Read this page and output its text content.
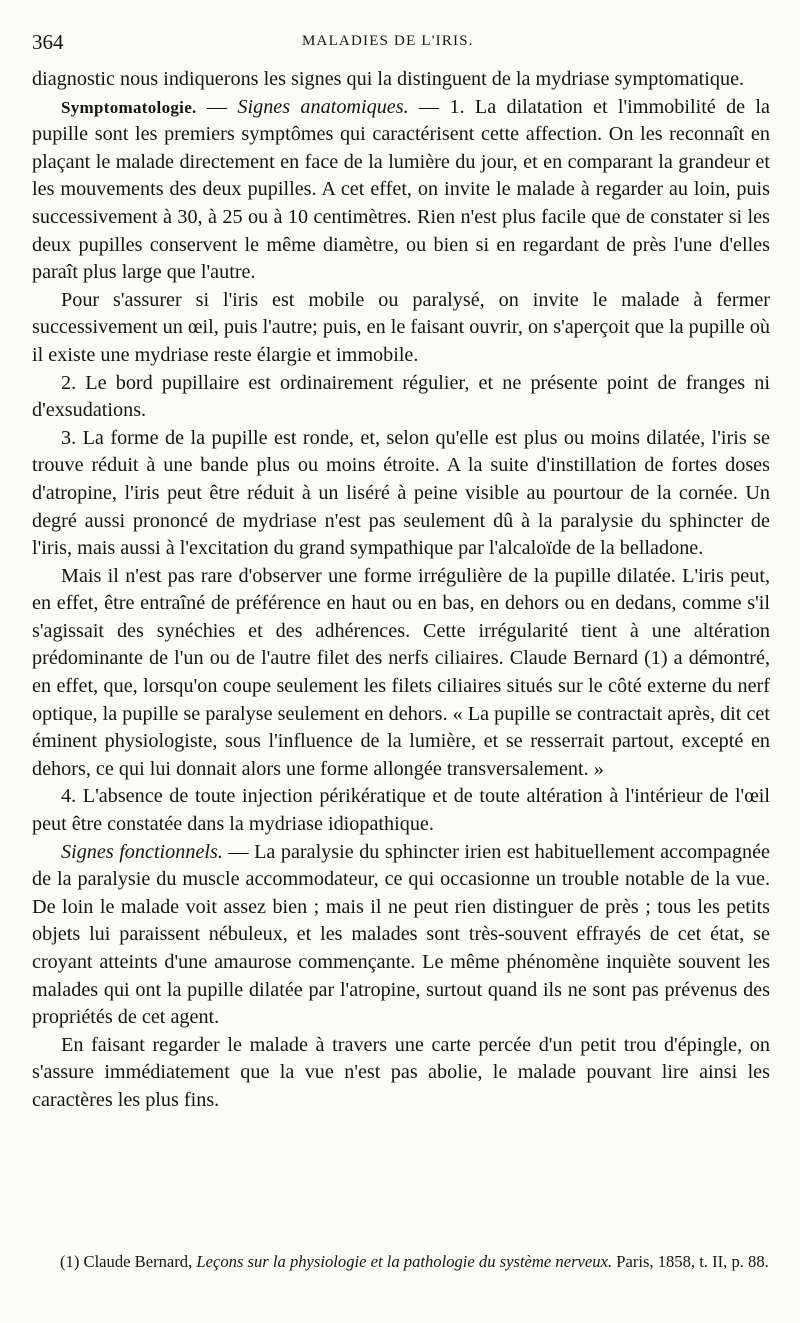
364	MALADIES DE L'IRIS.

diagnostic nous indiquerons les signes qui la distinguent de la mydriase symptomatique.

Symptomatologie. — Signes anatomiques. — 1. La dilatation et l'immobilité de la pupille sont les premiers symptômes qui caractérisent cette affection. On les reconnaît en plaçant le malade directement en face de la lumière du jour, et en comparant la grandeur et les mouvements des deux pupilles. A cet effet, on invite le malade à regarder au loin, puis successivement à 30, à 25 ou à 10 centimètres. Rien n'est plus facile que de constater si les deux pupilles conservent le même diamètre, ou bien si en regardant de près l'une d'elles paraît plus large que l'autre.

Pour s'assurer si l'iris est mobile ou paralysé, on invite le malade à fermer successivement un œil, puis l'autre; puis, en le faisant ouvrir, on s'aperçoit que la pupille où il existe une mydriase reste élargie et immobile.

2. Le bord pupillaire est ordinairement régulier, et ne présente point de franges ni d'exsudations.

3. La forme de la pupille est ronde, et, selon qu'elle est plus ou moins dilatée, l'iris se trouve réduit à une bande plus ou moins étroite. A la suite d'instillation de fortes doses d'atropine, l'iris peut être réduit à un liséré à peine visible au pourtour de la cornée. Un degré aussi prononcé de mydriase n'est pas seulement dû à la paralysie du sphincter de l'iris, mais aussi à l'excitation du grand sympathique par l'alcaloïde de la belladone.

Mais il n'est pas rare d'observer une forme irrégulière de la pupille dilatée. L'iris peut, en effet, être entraîné de préférence en haut ou en bas, en dehors ou en dedans, comme s'il s'agissait des synéchies et des adhérences. Cette irrégularité tient à une altération prédominante de l'un ou de l'autre filet des nerfs ciliaires. Claude Bernard (1) a démontré, en effet, que, lorsqu'on coupe seulement les filets ciliaires situés sur le côté externe du nerf optique, la pupille se paralyse seulement en dehors. « La pupille se contractait après, dit cet éminent physiologiste, sous l'influence de la lumière, et se resserrait partout, excepté en dehors, ce qui lui donnait alors une forme allongée transversalement. »

4. L'absence de toute injection périkératique et de toute altération à l'intérieur de l'œil peut être constatée dans la mydriase idiopathique.

Signes fonctionnels. — La paralysie du sphincter irien est habituellement accompagnée de la paralysie du muscle accommodateur, ce qui occasionne un trouble notable de la vue. De loin le malade voit assez bien ; mais il ne peut rien distinguer de près ; tous les petits objets lui paraissent nébuleux, et les malades sont très-souvent effrayés de cet état, se croyant atteints d'une amaurose commençante. Le même phénomène inquiète souvent les malades qui ont la pupille dilatée par l'atropine, surtout quand ils ne sont pas prévenus des propriétés de cet agent.

En faisant regarder le malade à travers une carte percée d'un petit trou d'épingle, on s'assure immédiatement que la vue n'est pas abolie, le malade pouvant lire ainsi les caractères les plus fins.

(1) Claude Bernard, Leçons sur la physiologie et la pathologie du système nerveux. Paris, 1858, t. II, p. 88.
